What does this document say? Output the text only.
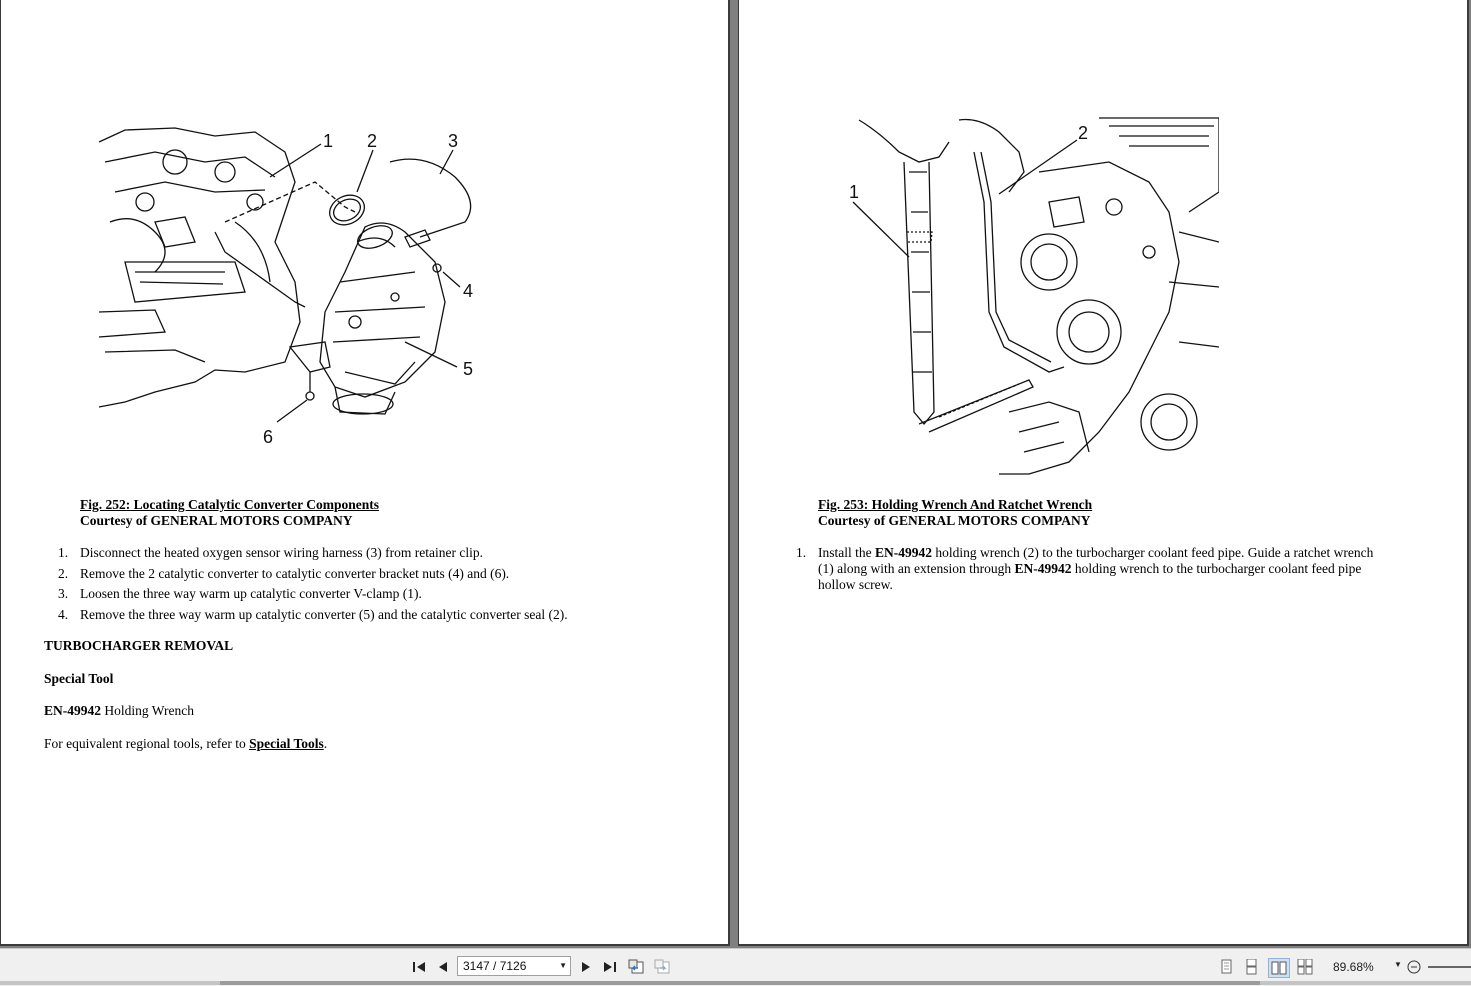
1 2	3
4
5
6
Fig. 252: Locating Catalytic Converter Components
Courtesy of GENERAL MOTORS COMPANY
1. Disconnect the heated oxygen sensor wiring harness (3) from retainer clip.
2. Remove the 2 catalytic converter to catalytic converter bracket nuts (4) and (6).
3. Loosen the three way warm up catalytic converter V-clamp (1).
4. Remove the three way warm up catalytic converter (5) and the catalytic converter seal (2).
TURBOCHARGER REMOVAL
Special Tool
EN-49942 Holding Wrench
For equivalent regional tools, refer to Special Tools.
1
2
Fig. 253: Holding Wrench And Ratchet Wrench
Courtesy of GENERAL MOTORS COMPANY
1. Install the EN-49942 holding wrench (2) to the turbocharger coolant feed pipe. Guide a ratchet wrench
(1) along with an extension through EN-49942 holding wrench to the turbocharger coolant feed pipe
hollow screw.
3147 / 7126	▼	89.68%	▼
